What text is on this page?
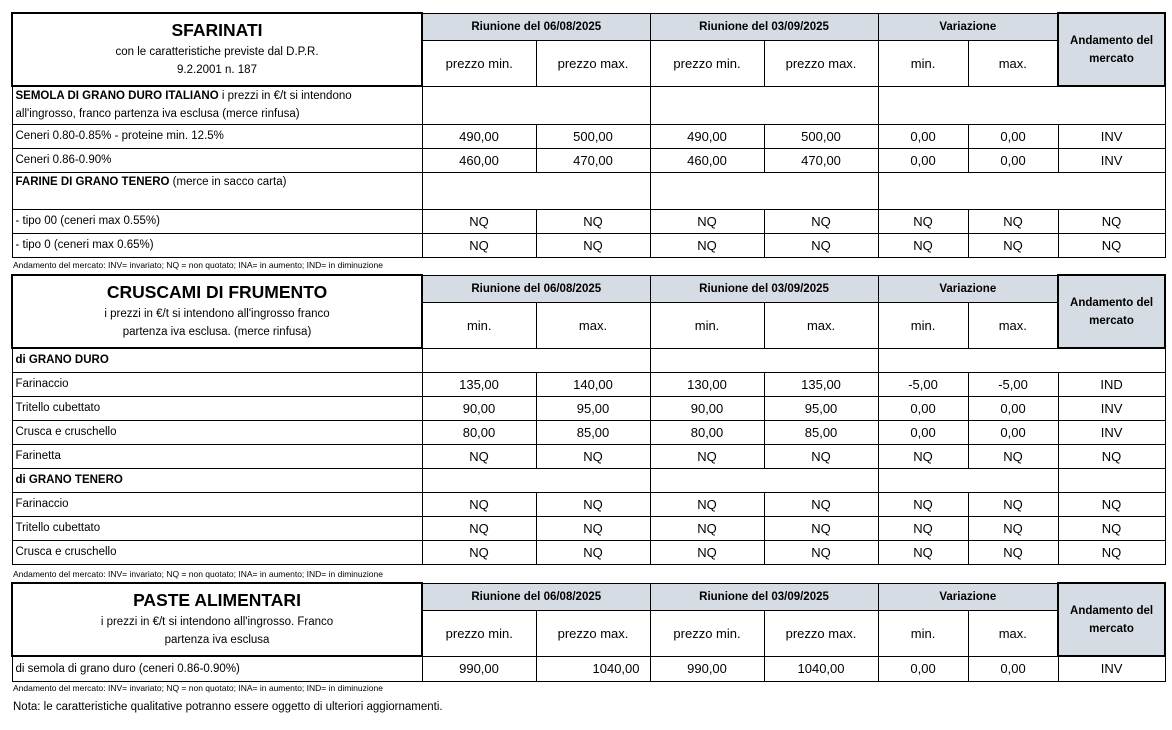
SFARINATI
con le caratteristiche previste dal D.P.R.
9.2.2001 n. 187	Riunione del 06/08/2025		Riunione del 03/09/2025		Variazione		Andamento del mercato
	prezzo min.	prezzo max.	prezzo min.	prezzo max.	min.	max.	
SEMOLA DI GRANO DURO ITALIANO i prezzi in €/t si intendono
all'ingrosso, franco partenza iva esclusa (merce rinfusa)							
Ceneri 0.80-0.85% - proteine min. 12.5%	490,00	500,00	490,00	500,00	0,00	0,00	INV
Ceneri 0.86-0.90%	460,00	470,00	460,00	470,00	0,00	0,00	INV
FARINE DI GRANO TENERO (merce in sacco carta)							
- tipo 00 (ceneri max 0.55%)	NQ	NQ	NQ	NQ	NQ	NQ	NQ
- tipo 0 (ceneri max 0.65%)	NQ	NQ	NQ	NQ	NQ	NQ	NQ
Andamento del mercato: INV= invariato; NQ = non quotato; INA= in aumento; IND= in diminuzione
CRUSCAMI DI FRUMENTO
i prezzi in €/t si intendono all'ingrosso franco
partenza iva esclusa. (merce rinfusa)	Riunione del 06/08/2025		Riunione del 03/09/2025		Variazione		Andamento del mercato
	min.	max.	min.	max.	min.	max.	
di GRANO DURO							
Farinaccio	135,00	140,00	130,00	135,00	-5,00	-5,00	IND
Tritello cubettato	90,00	95,00	90,00	95,00	0,00	0,00	INV
Crusca e cruschello	80,00	85,00	80,00	85,00	0,00	0,00	INV
Farinetta	NQ	NQ	NQ	NQ	NQ	NQ	NQ
di GRANO TENERO							
Farinaccio	NQ	NQ	NQ	NQ	NQ	NQ	NQ
Tritello cubettato	NQ	NQ	NQ	NQ	NQ	NQ	NQ
Crusca e cruschello	NQ	NQ	NQ	NQ	NQ	NQ	NQ
Andamento del mercato: INV= invariato; NQ = non quotato; INA= in aumento; IND= in diminuzione
PASTE ALIMENTARI
i prezzi in €/t si intendono all'ingrosso. Franco
partenza iva esclusa	Riunione del 06/08/2025		Riunione del 03/09/2025		Variazione		Andamento del mercato
	prezzo min.	prezzo max.	prezzo min.	prezzo max.	min.	max.	
di semola di grano duro (ceneri 0.86-0.90%)	990,00	1040,00	990,00	1040,00	0,00	0,00	INV
Andamento del mercato: INV= invariato; NQ = non quotato; INA= in aumento; IND= in diminuzione
Nota: le caratteristiche qualitative potranno essere oggetto di ulteriori aggiornamenti.
